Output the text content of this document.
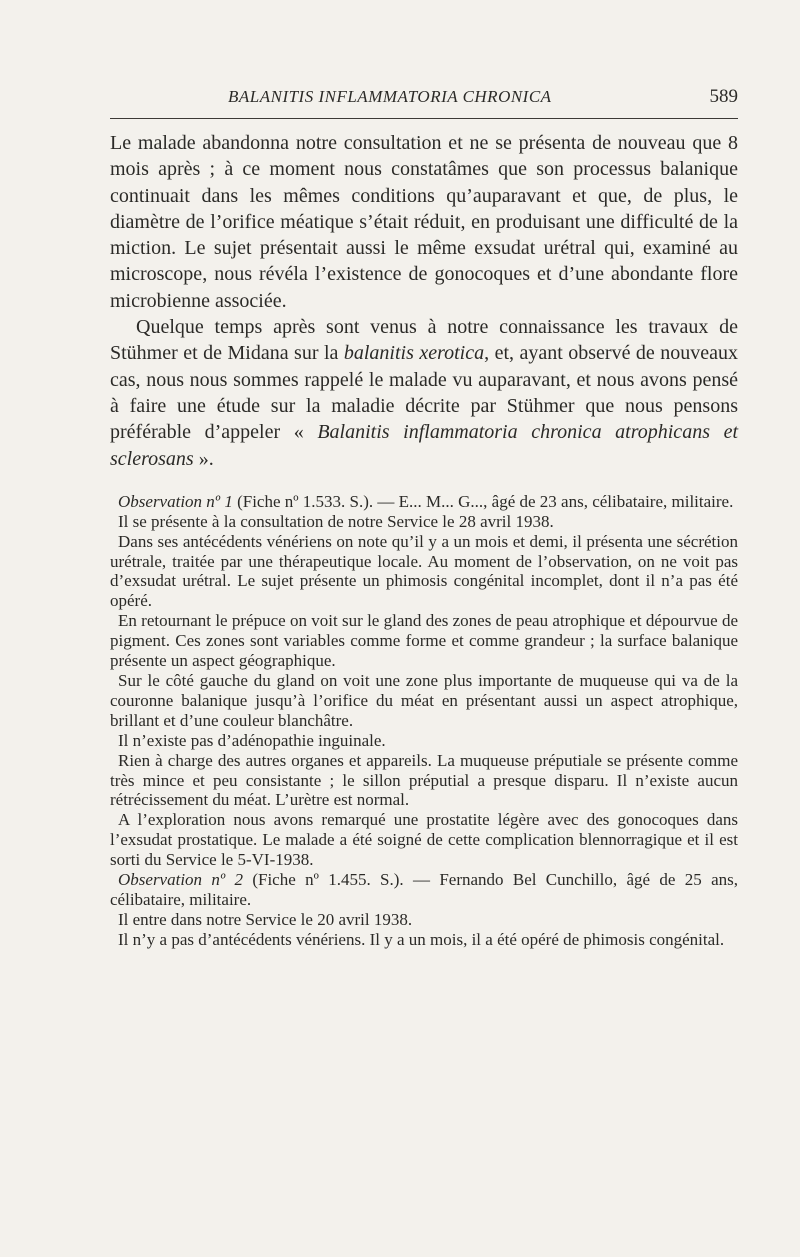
BALANITIS INFLAMMATORIA CHRONICA	589

Le malade abandonna notre consultation et ne se présenta de nouveau que 8 mois après ; à ce moment nous constatâmes que son processus balanique continuait dans les mêmes conditions qu’auparavant et que, de plus, le diamètre de l’orifice méatique s’était réduit, en produisant une difficulté de la miction. Le sujet présentait aussi le même exsudat urétral qui, examiné au microscope, nous révéla l’existence de gonocoques et d’une abondante flore microbienne associée.

Quelque temps après sont venus à notre connaissance les travaux de Stühmer et de Midana sur la balanitis xerotica, et, ayant observé de nouveaux cas, nous nous sommes rappelé le malade vu auparavant, et nous avons pensé à faire une étude sur la maladie décrite par Stühmer que nous pensons préférable d’appeler « Balanitis inflammatoria chronica atrophicans et sclerosans ».

Observation nº 1 (Fiche nº 1.533. S.). — E... M... G..., âgé de 23 ans, célibataire, militaire.

Il se présente à la consultation de notre Service le 28 avril 1938.

Dans ses antécédents vénériens on note qu’il y a un mois et demi, il présenta une sécrétion urétrale, traitée par une thérapeutique locale. Au moment de l’observation, on ne voit pas d’exsudat urétral. Le sujet présente un phimosis congénital incomplet, dont il n’a pas été opéré.

En retournant le prépuce on voit sur le gland des zones de peau atrophique et dépourvue de pigment. Ces zones sont variables comme forme et comme grandeur ; la surface balanique présente un aspect géographique.

Sur le côté gauche du gland on voit une zone plus importante de muqueuse qui va de la couronne balanique jusqu’à l’orifice du méat en présentant aussi un aspect atrophique, brillant et d’une couleur blanchâtre.

Il n’existe pas d’adénopathie inguinale.

Rien à charge des autres organes et appareils. La muqueuse préputiale se présente comme très mince et peu consistante ; le sillon préputial a presque disparu. Il n’existe aucun rétrécissement du méat. L’urètre est normal.

A l’exploration nous avons remarqué une prostatite légère avec des gonocoques dans l’exsudat prostatique. Le malade a été soigné de cette complication blennorragique et il est sorti du Service le 5-VI-1938.

Observation nº 2 (Fiche nº 1.455. S.). — Fernando Bel Cunchillo, âgé de 25 ans, célibataire, militaire.

Il entre dans notre Service le 20 avril 1938.

Il n’y a pas d’antécédents vénériens. Il y a un mois, il a été opéré de phimosis congénital.
